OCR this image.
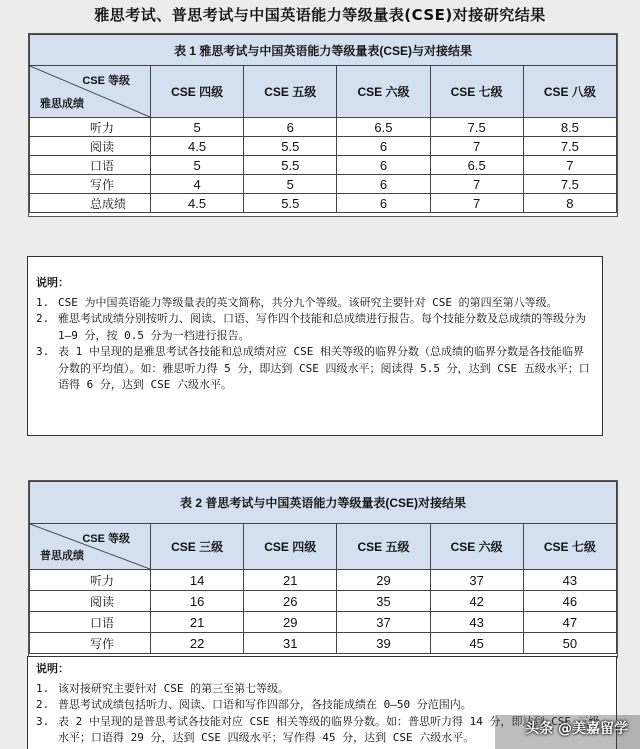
雅思考试、普思考试与中国英语能力等级量表(CSE)对接研究结果
表 1 雅思考试与中国英语能力等级量表(CSE)与对接结果					

CSE 等级
雅思成绩	CSE 四级	CSE 五级	CSE 六级	CSE 七级	CSE 八级
听力	5	6	6.5	7.5	8.5
阅读	4.5	5.5	6	7	7.5
口语	5	5.5	6	6.5	7
写作	4	5	6	7	7.5
总成绩	4.5	5.5	6	7	8
说明：
1. CSE 为中国英语能力等级量表的英文简称，共分九个等级。该研究主要针对 CSE 的第四至第八等级。
2. 雅思考试成绩分别按听力、阅读、口语、写作四个技能和总成绩进行报告。每个技能分数及总成绩的等级分为 1—9 分，按 0.5 分为一档进行报告。
3. 表 1 中呈现的是雅思考试各技能和总成绩对应 CSE 相关等级的临界分数（总成绩的临界分数是各技能临界分数的平均值）。如：雅思听力得 5 分，即达到 CSE 四级水平；阅读得 5.5 分，达到 CSE 五级水平；口语得 6 分，达到 CSE 六级水平。
表 2 普思考试与中国英语能力等级量表(CSE)对接结果					

CSE 等级
普思成绩	CSE 三级	CSE 四级	CSE 五级	CSE 六级	CSE 七级
听力	14	21	29	37	43
阅读	16	26	35	42	46
口语	21	29	37	43	47
写作	22	31	39	45	50
说明：
1. 该对接研究主要针对 CSE 的第三至第七等级。
2. 普思考试成绩包括听力、阅读、口语和写作四部分，各技能成绩在 0—50 分范围内。
3. 表 2 中呈现的是普思考试各技能对应 CSE 相关等级的临界分数。如：普思听力得 14 分，即达到 CSE 三级水平；口语得 29 分，达到 CSE 四级水平；写作得 45 分，达到 CSE 六级水平。
头条 @美嘉留学
